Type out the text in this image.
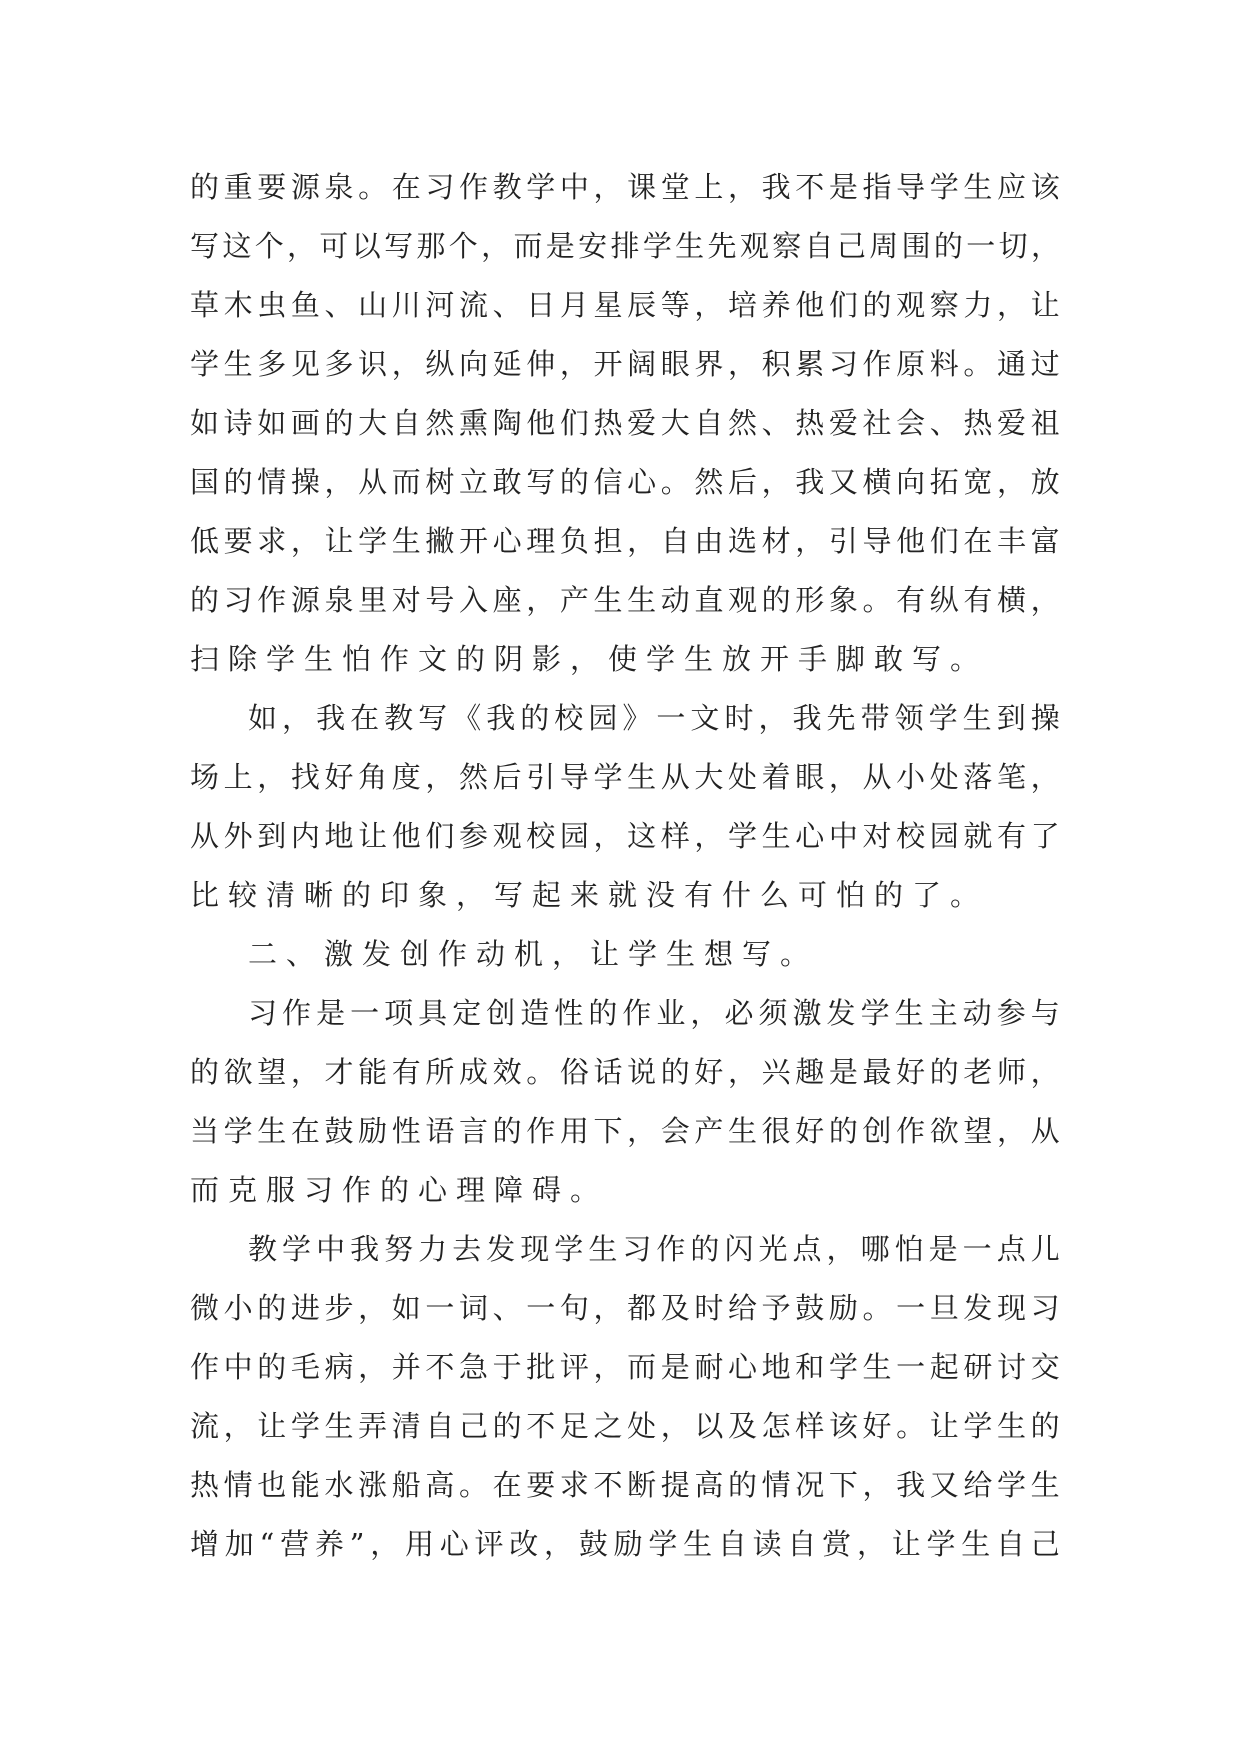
的 重 要 源 泉 。 在 习 作 教 学 中 ， 课 堂 上 ， 我 不 是 指 导 学 生 应 该
写 这 个 ， 可 以 写 那 个 ， 而 是 安 排 学 生 先 观 察 自 己 周 围 的 一 切 ，
草 木 虫 鱼 、 山 川 河 流 、 日 月 星 辰 等 ， 培 养 他 们 的 观 察 力 ， 让
学 生 多 见 多 识 ， 纵 向 延 伸 ， 开 阔 眼 界 ， 积 累 习 作 原 料 。 通 过
如 诗 如 画 的 大 自 然 熏 陶 他 们 热 爱 大 自 然 、 热 爱 社 会 、 热 爱 祖
国 的 情 操 ， 从 而 树 立 敢 写 的 信 心 。 然 后 ， 我 又 横 向 拓 宽 ， 放
低 要 求 ， 让 学 生 撇 开 心 理 负 担 ， 自 由 选 材 ， 引 导 他 们 在 丰 富
的 习 作 源 泉 里 对 号 入 座 ， 产 生 生 动 直 观 的 形 象 。 有 纵 有 横 ，
扫除学生怕作文的阴影，使学生放开手脚敢写。
如 ， 我 在 教 写 《 我 的 校 园 》 一 文 时 ， 我 先 带 领 学 生 到 操
场 上 ， 找 好 角 度 ， 然 后 引 导 学 生 从 大 处 着 眼 ， 从 小 处 落 笔 ，
从 外 到 内 地 让 他 们 参 观 校 园 ， 这 样 ， 学 生 心 中 对 校 园 就 有 了
比较清晰的印象，写起来就没有什么可怕的了。
二、激发创作动机，让学生想写。
习 作 是 一 项 具 定 创 造 性 的 作 业 ， 必 须 激 发 学 生 主 动 参 与
的 欲 望 ， 才 能 有 所 成 效 。 俗 话 说 的 好 ， 兴 趣 是 最 好 的 老 师 ，
当 学 生 在 鼓 励 性 语 言 的 作 用 下 ， 会 产 生 很 好 的 创 作 欲 望 ， 从
而克服习作的心理障碍。
教 学 中 我 努 力 去 发 现 学 生 习 作 的 闪 光 点 ， 哪 怕 是 一 点 儿
微 小 的 进 步 ， 如 一 词 、 一 句 ， 都 及 时 给 予 鼓 励 。 一 旦 发 现 习
作 中 的 毛 病 ， 并 不 急 于 批 评 ， 而 是 耐 心 地 和 学 生 一 起 研 讨 交
流 ， 让 学 生 弄 清 自 己 的 不 足 之 处 ， 以 及 怎 样 该 好 。 让 学 生 的
热 情 也 能 水 涨 船 高 。 在 要 求 不 断 提 高 的 情 况 下 ， 我 又 给 学 生
增 加 “ 营 养 ” ， 用 心 评 改 ， 鼓 励 学 生 自 读 自 赏 ， 让 学 生 自 己
